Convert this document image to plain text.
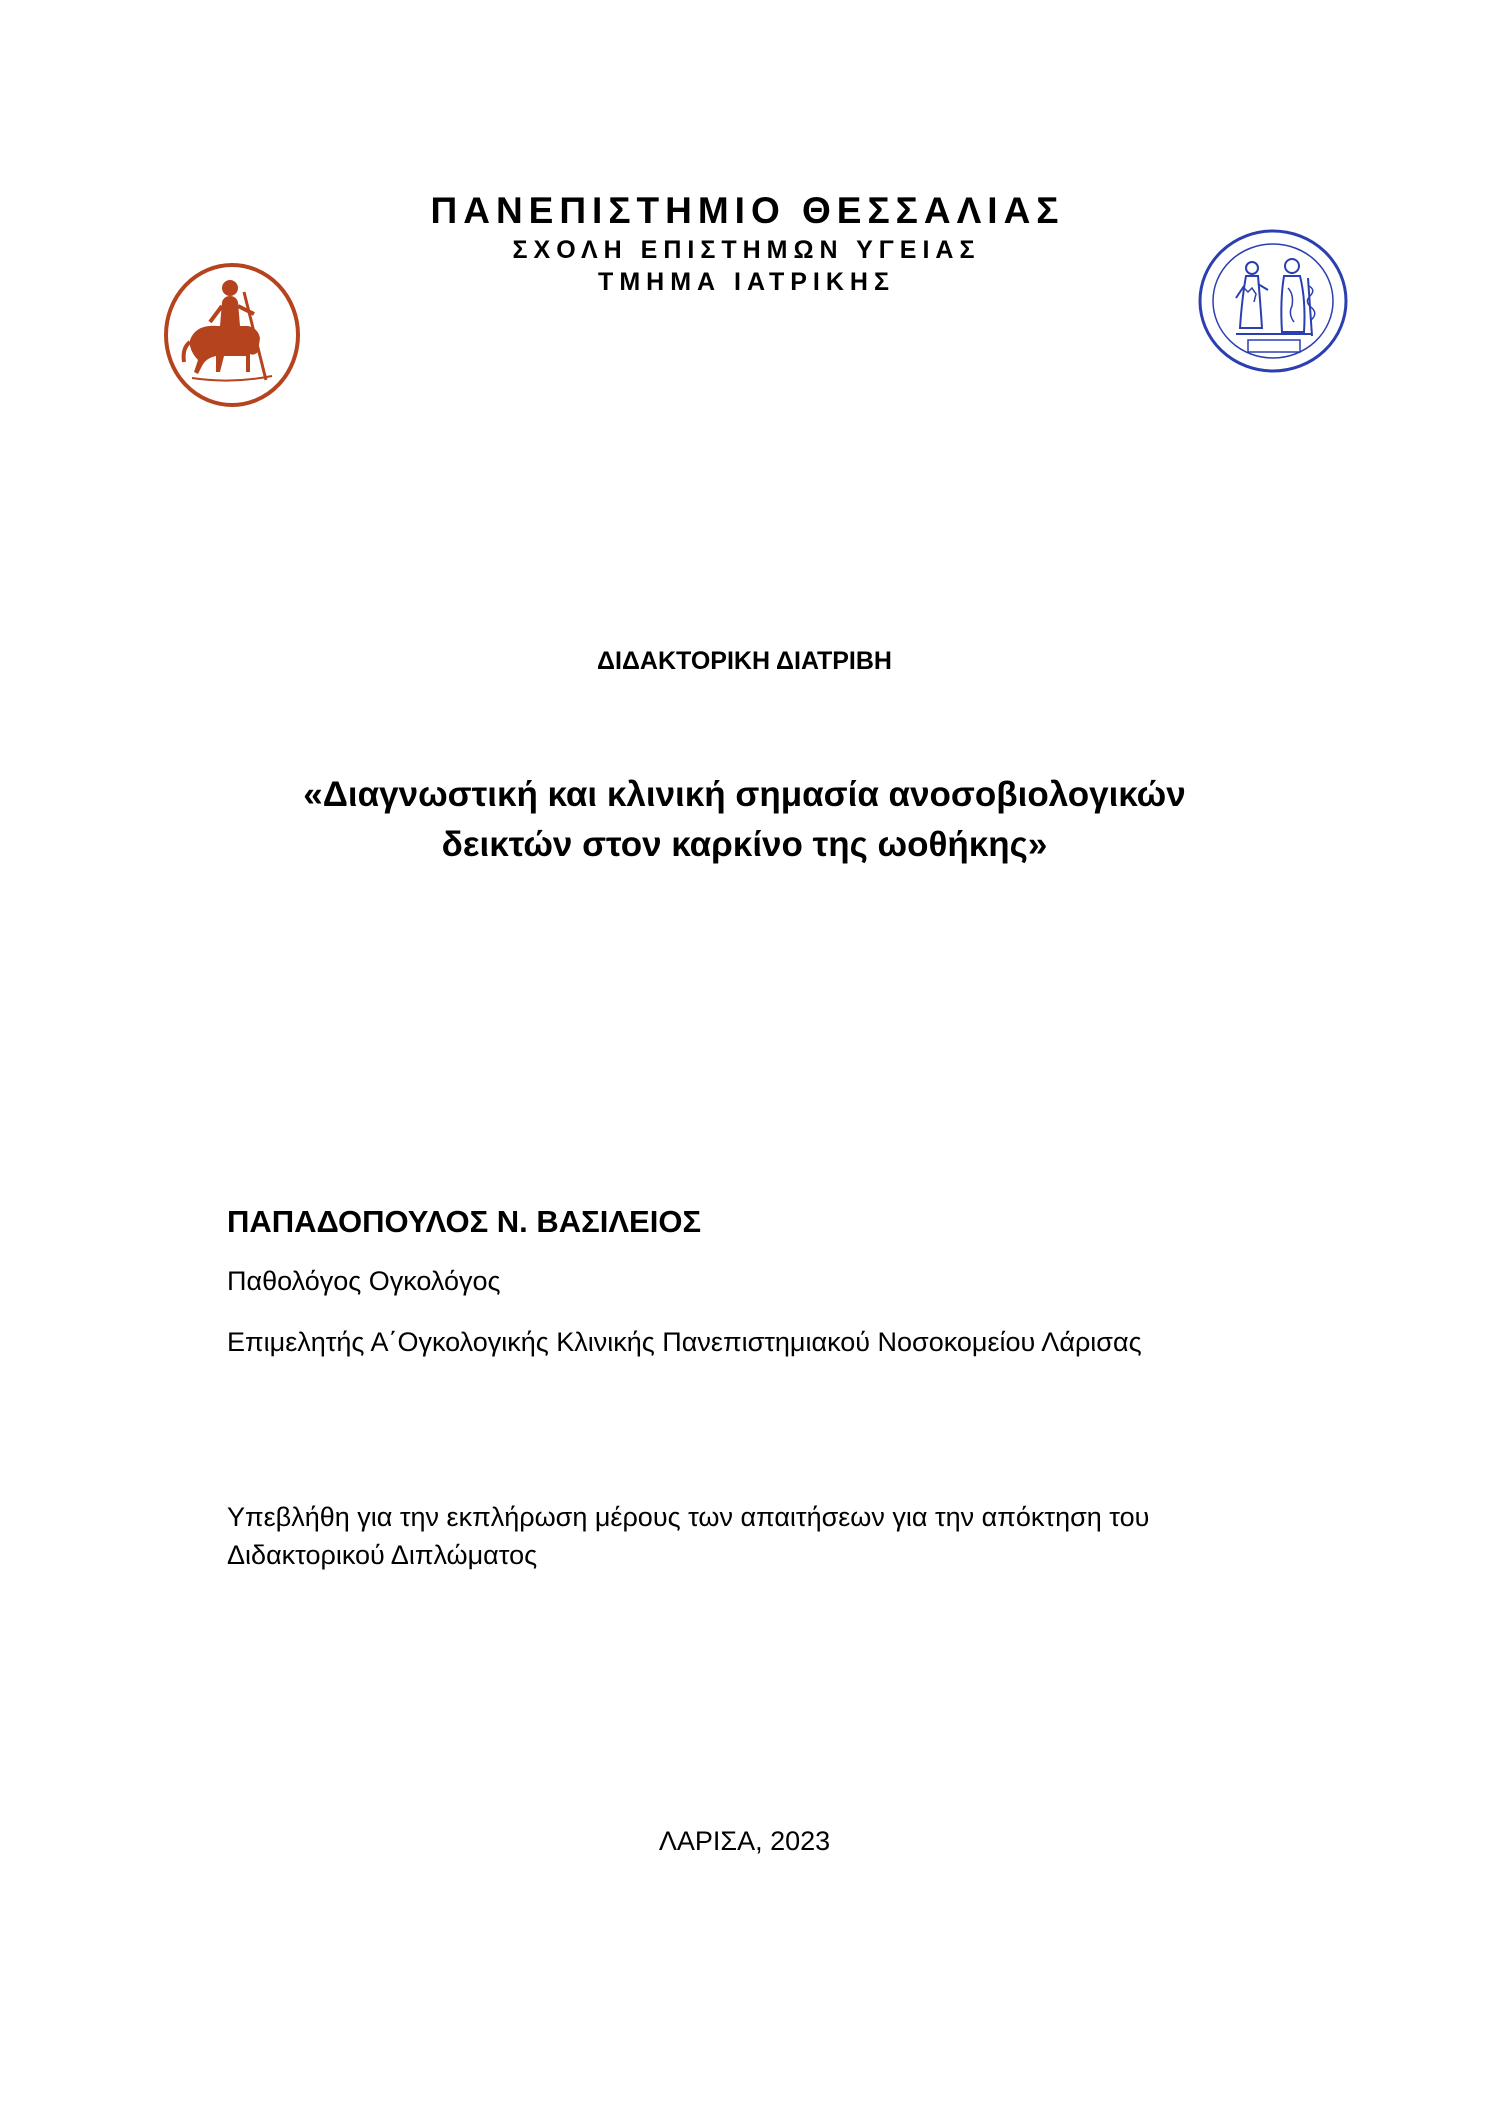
ΠΑΝΕΠΙΣΤΗΜΙΟ ΘΕΣΣΑΛΙΑΣ
ΣΧΟΛΗ ΕΠΙΣΤΗΜΩΝ ΥΓΕΙΑΣ
ΤΜΗΜΑ ΙΑΤΡΙΚΗΣ
ΔΙΔΑΚΤΟΡΙΚΗ ΔΙΑΤΡΙΒΗ
«Διαγνωστική και κλινική σημασία ανοσοβιολογικών
δεικτών στον καρκίνο της ωοθήκης»
ΠΑΠΑΔΟΠΟΥΛΟΣ Ν. ΒΑΣΙΛΕΙΟΣ
Παθολόγος Ογκολόγος
Επιμελητής Α΄Ογκολογικής Κλινικής Πανεπιστημιακού Νοσοκομείου Λάρισας
Υπεβλήθη για την εκπλήρωση μέρους των απαιτήσεων για την απόκτηση του
Διδακτορικού Διπλώματος
ΛΑΡΙΣΑ, 2023
